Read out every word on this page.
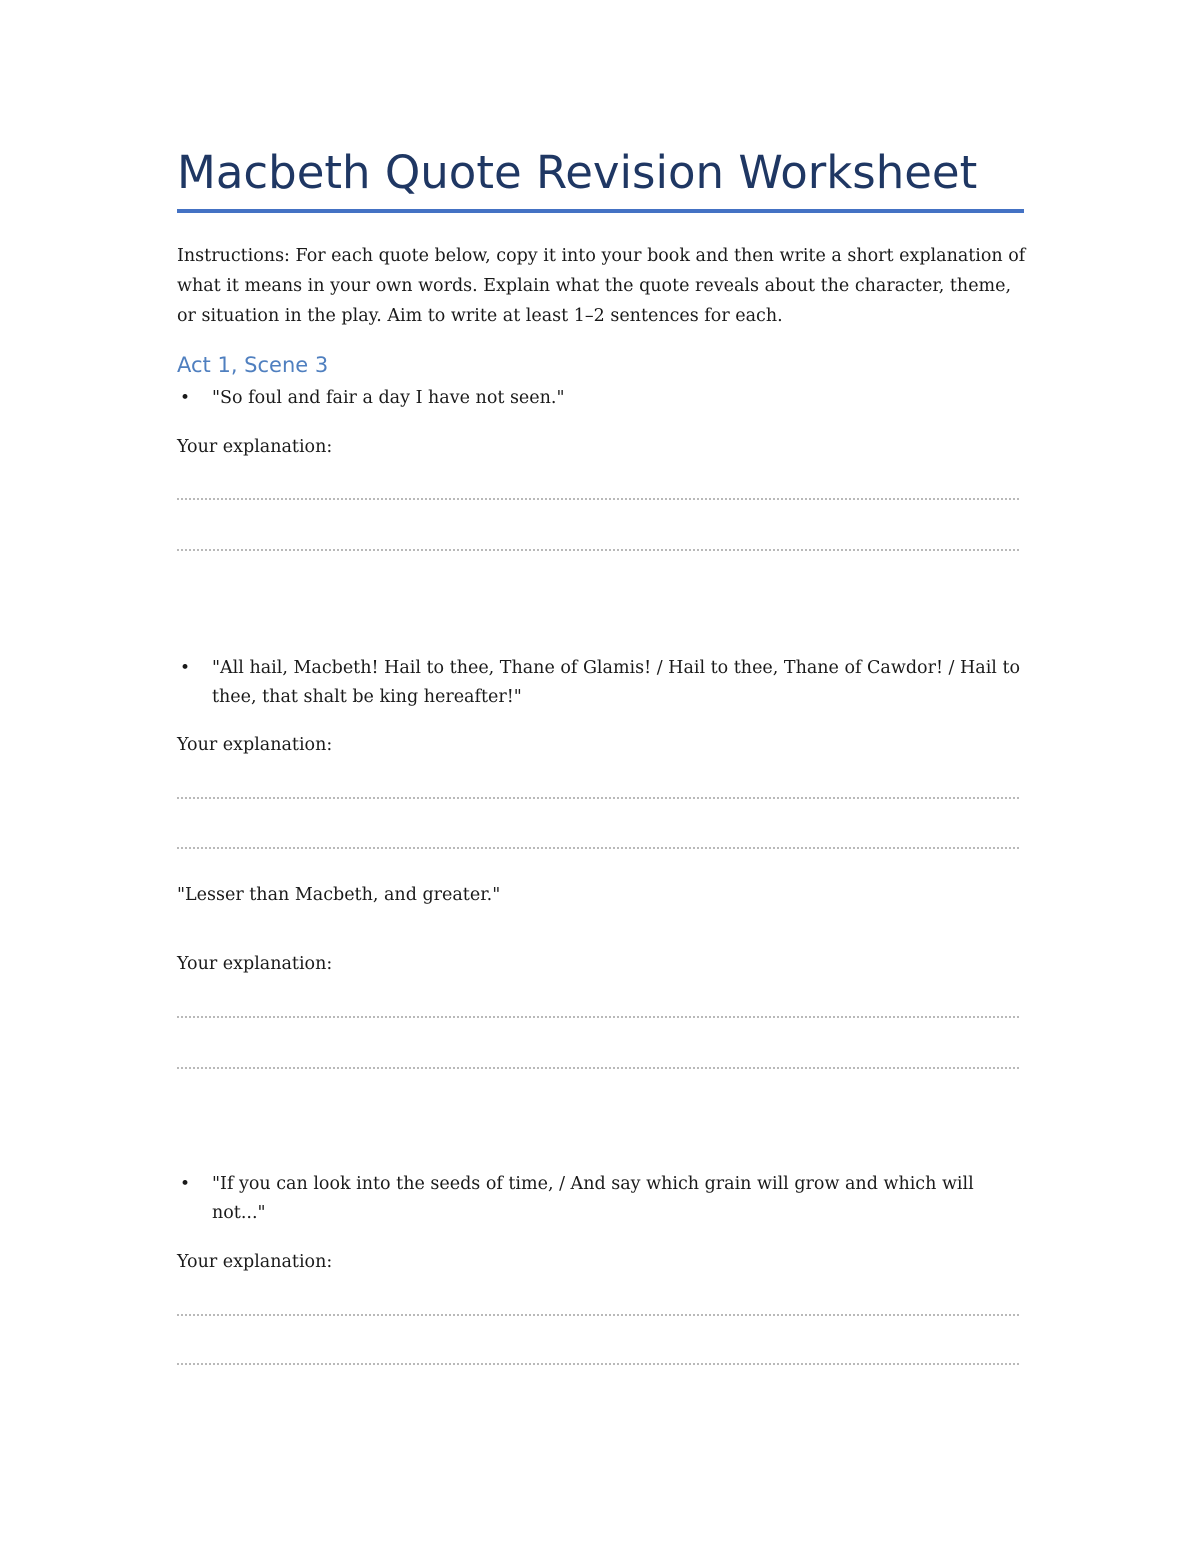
Macbeth Quote Revision Worksheet
Instructions: For each quote below, copy it into your book and then write a short explanation of what it means in your own words. Explain what the quote reveals about the character, theme, or situation in the play. Aim to write at least 1–2 sentences for each.
Act 1, Scene 3
•	"So foul and fair a day I have not seen."
Your explanation:
•	"All hail, Macbeth! Hail to thee, Thane of Glamis! / Hail to thee, Thane of Cawdor! / Hail to thee, that shalt be king hereafter!"
Your explanation:
"Lesser than Macbeth, and greater."
Your explanation:
•	"If you can look into the seeds of time, / And say which grain will grow and which will not..."
Your explanation:
